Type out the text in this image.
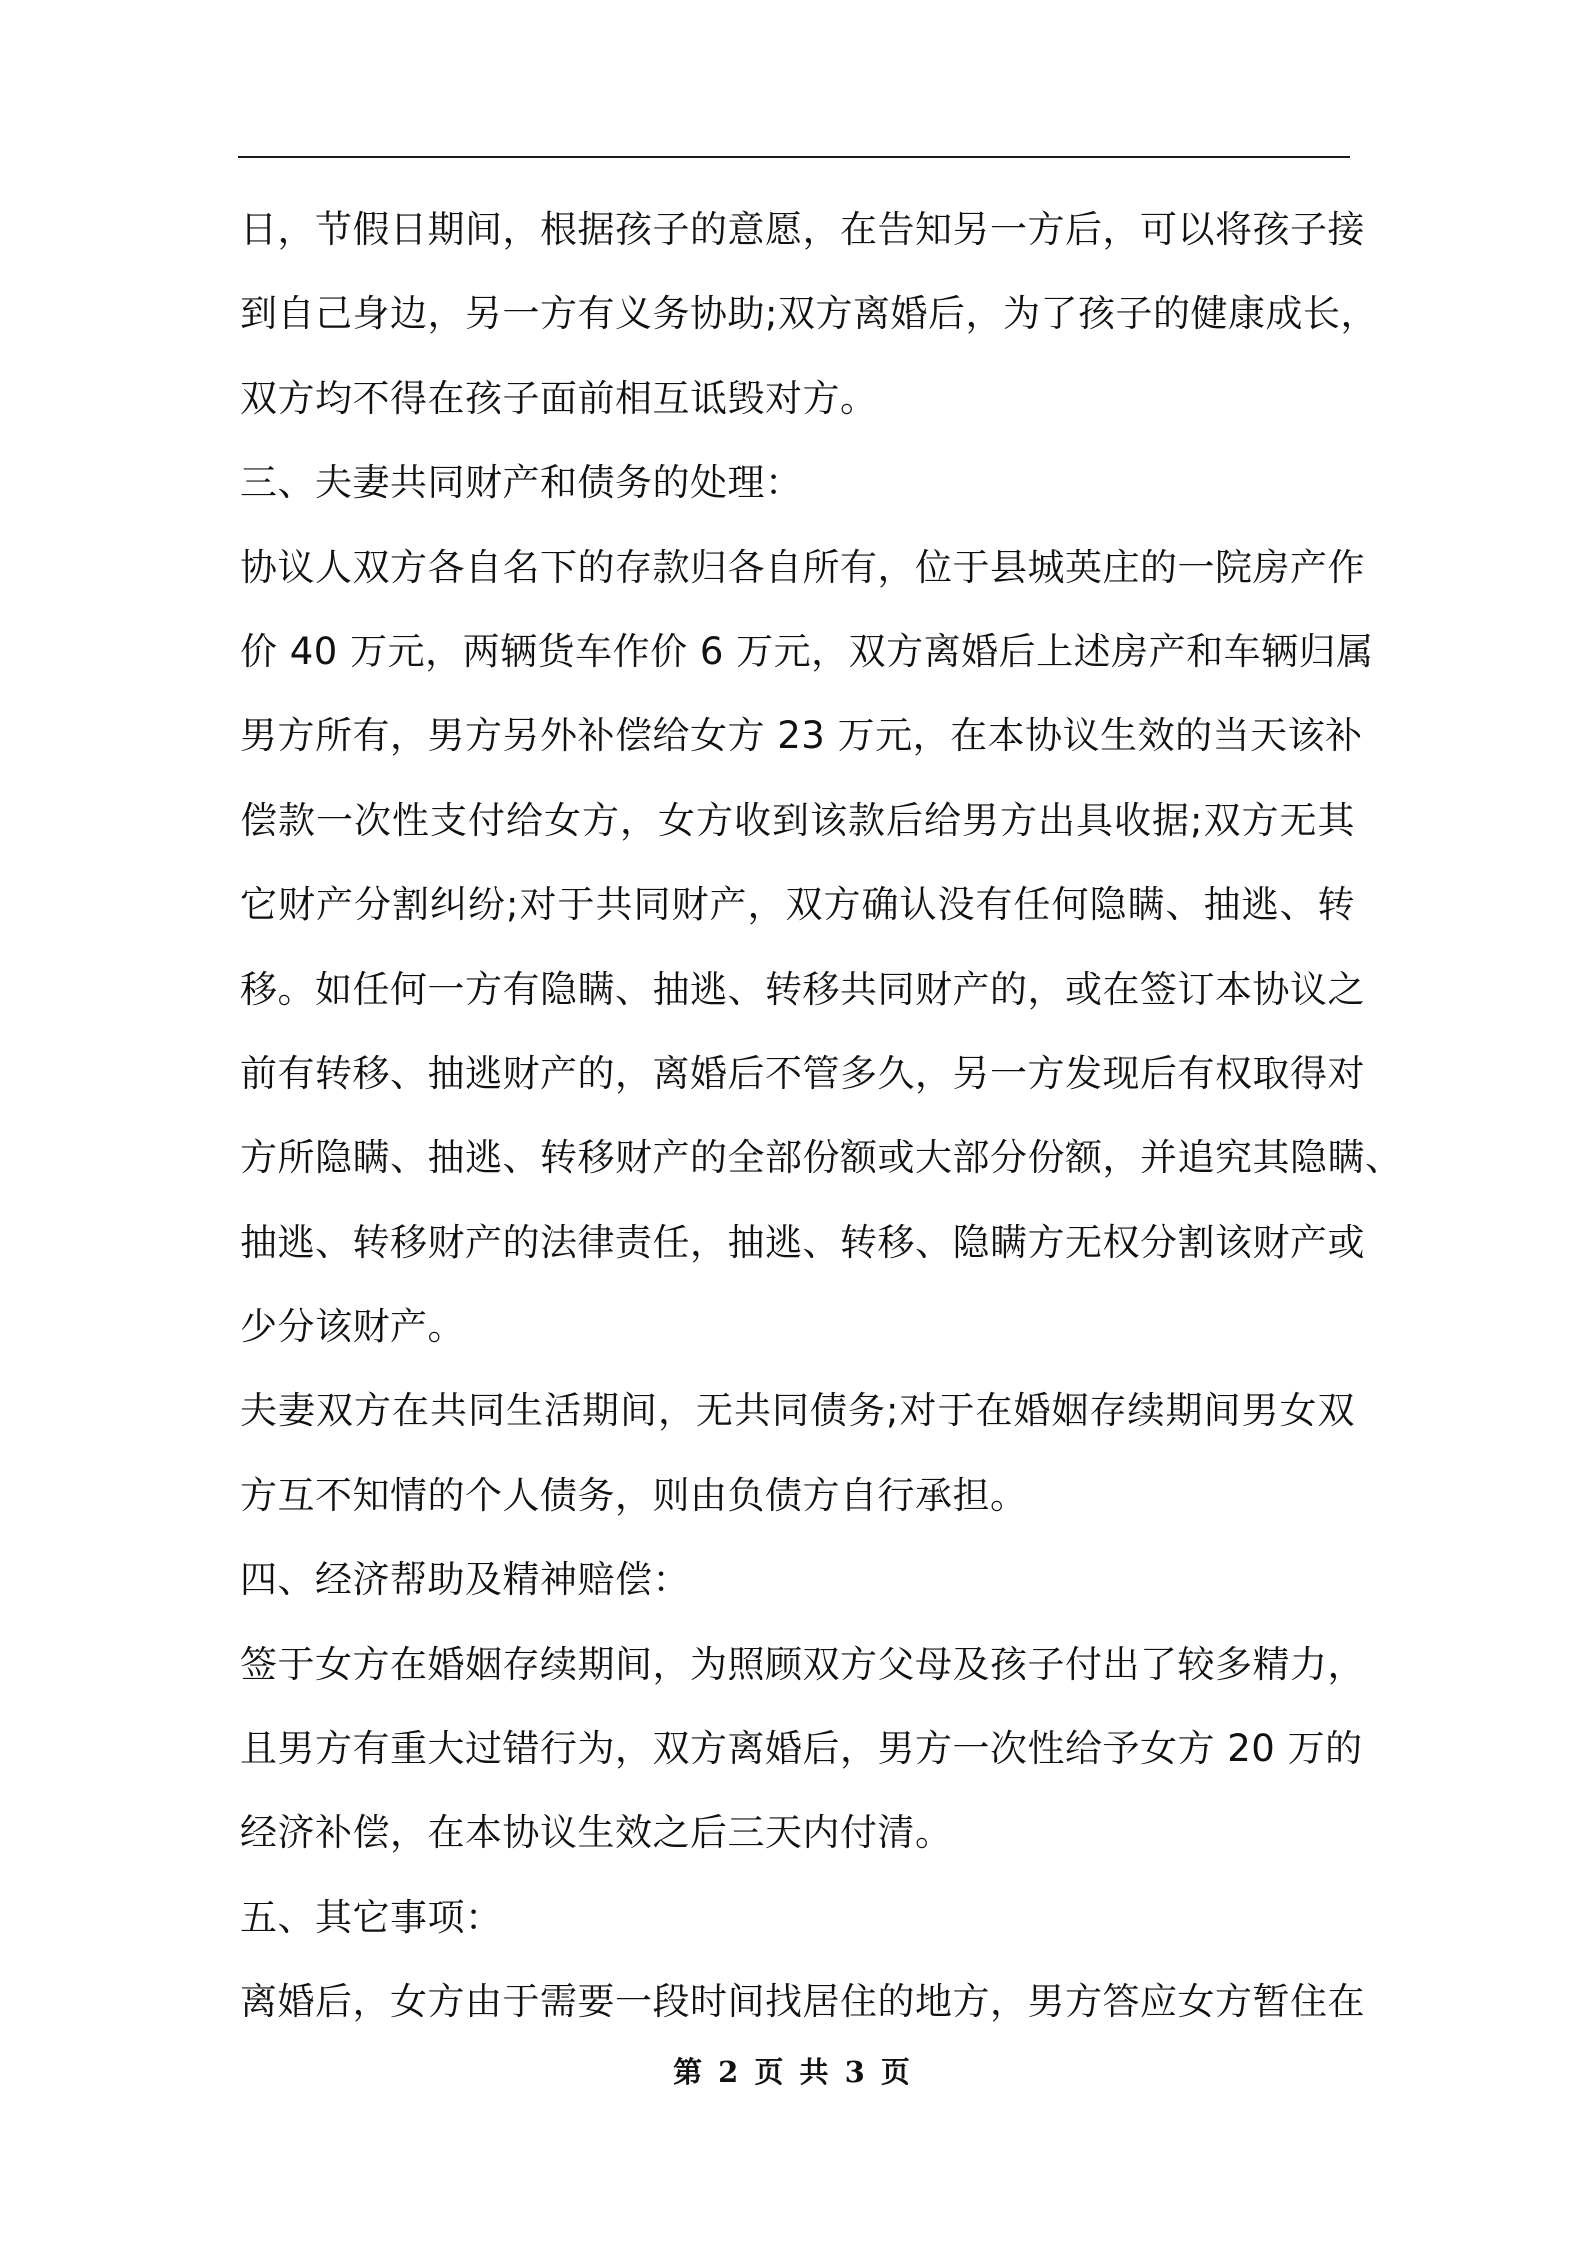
日，节假日期间，根据孩子的意愿，在告知另一方后，可以将孩子接
到自己身边，另一方有义务协助;双方离婚后，为了孩子的健康成长，
双方均不得在孩子面前相互诋毁对方。
三、夫妻共同财产和债务的处理：
协议人双方各自名下的存款归各自所有，位于县城英庄的一院房产作
价 40 万元，两辆货车作价 6 万元，双方离婚后上述房产和车辆归属
男方所有，男方另外补偿给女方 23 万元，在本协议生效的当天该补
偿款一次性支付给女方，女方收到该款后给男方出具收据;双方无其
它财产分割纠纷;对于共同财产，双方确认没有任何隐瞒、抽逃、转
移。如任何一方有隐瞒、抽逃、转移共同财产的，或在签订本协议之
前有转移、抽逃财产的，离婚后不管多久，另一方发现后有权取得对
方所隐瞒、抽逃、转移财产的全部份额或大部分份额，并追究其隐瞒、
抽逃、转移财产的法律责任，抽逃、转移、隐瞒方无权分割该财产或
少分该财产。
夫妻双方在共同生活期间，无共同债务;对于在婚姻存续期间男女双
方互不知情的个人债务，则由负债方自行承担。
四、经济帮助及精神赔偿：
签于女方在婚姻存续期间，为照顾双方父母及孩子付出了较多精力，
且男方有重大过错行为，双方离婚后，男方一次性给予女方 20 万的
经济补偿，在本协议生效之后三天内付清。
五、其它事项：
离婚后，女方由于需要一段时间找居住的地方，男方答应女方暂住在
第 2 页 共 3 页
